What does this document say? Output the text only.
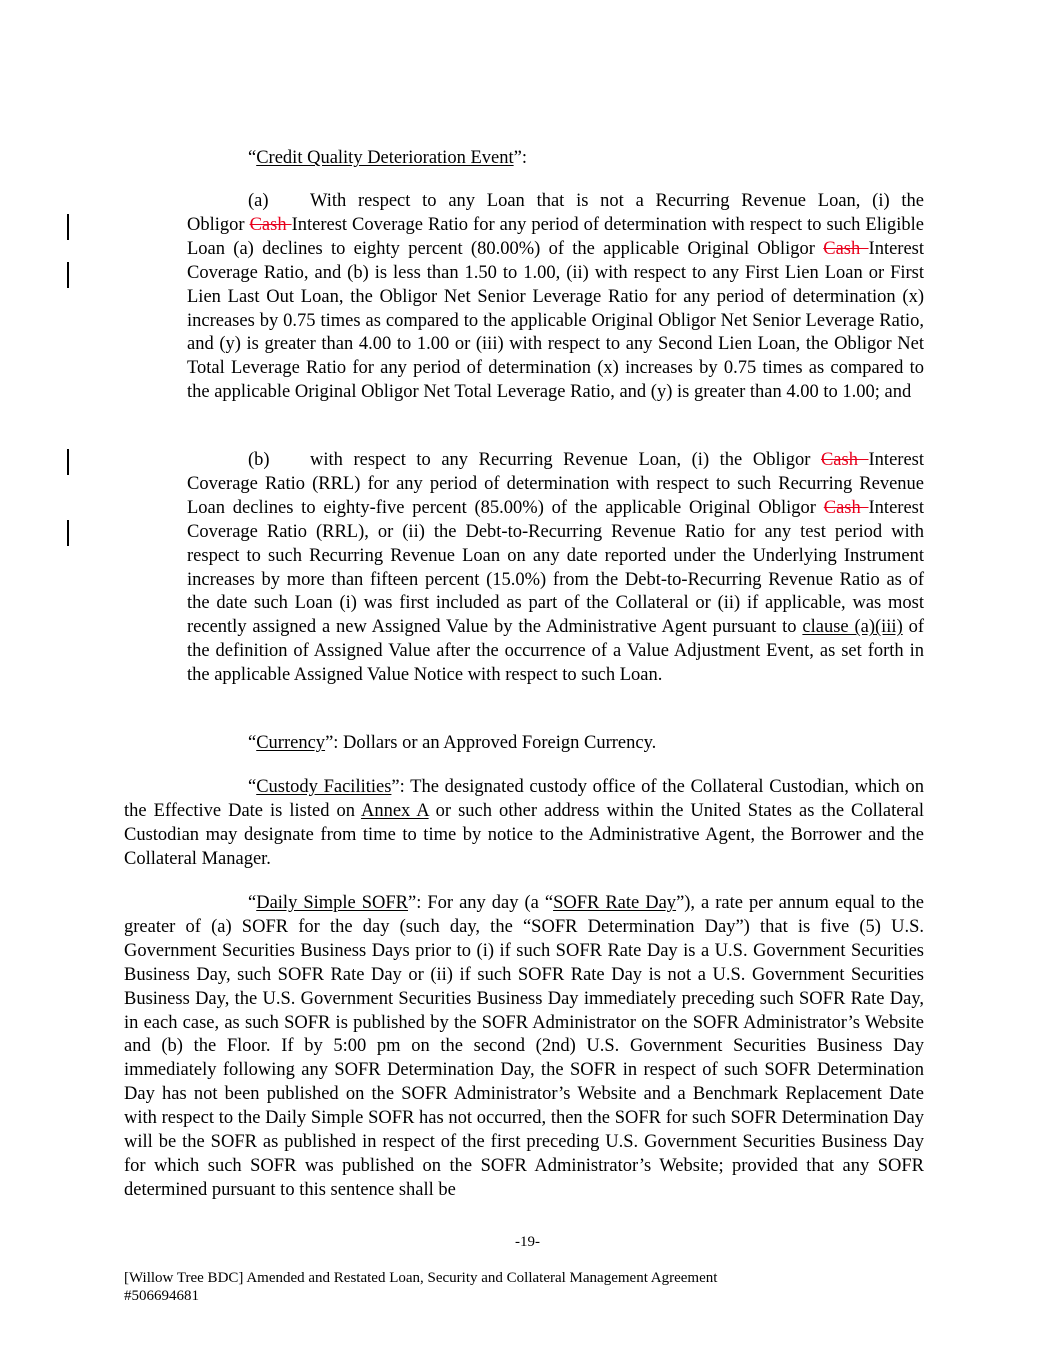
“Credit Quality Deterioration Event”:
(a) With respect to any Loan that is not a Recurring Revenue Loan, (i) theObligor Cash Interest Coverage Ratio for any period of determination with respect to such Eligible Loan (a) declines to eighty percent (80.00%) of the applicable Original Obligor Cash Interest Coverage Ratio, and (b) is less than 1.50 to 1.00, (ii) with respect to any First Lien Loan or First Lien Last Out Loan, the Obligor Net Senior Leverage Ratio for any period of determination (x) increases by 0.75 times as compared to the applicable Original Obligor Net Senior Leverage Ratio, and (y) is greater than 4.00 to 1.00 or (iii) with respect to any Second Lien Loan, the Obligor Net Total Leverage Ratio for any period of determination (x) increases by 0.75 times as compared to the applicable Original Obligor Net Total Leverage Ratio, and (y) is greater than 4.00 to 1.00; and
(b) with respect to any Recurring Revenue Loan, (i) the Obligor Cash Interest Coverage Ratio (RRL) for any period of determination with respect to such Recurring Revenue Loan declines to eighty-five percent (85.00%) of the applicable Original Obligor Cash Interest Coverage Ratio (RRL), or (ii) the Debt-to-Recurring Revenue Ratio for any test period with respect to such Recurring Revenue Loan on any date reported under the Underlying Instrument increases by more than fifteen percent (15.0%) from the Debt-to-Recurring Revenue Ratio as of the date such Loan (i) was first included as part of the Collateral or (ii) if applicable, was most recently assigned a new Assigned Value by the Administrative Agent pursuant to clause (a)(iii) of the definition of Assigned Value after the occurrence of a Value Adjustment Event, as set forth in the applicable Assigned Value Notice with respect to such Loan.
“Currency”: Dollars or an Approved Foreign Currency.
“Custody Facilities”: The designated custody office of the Collateral Custodian, which on the Effective Date is listed on Annex A or such other address within the United States as the Collateral Custodian may designate from time to time by notice to the Administrative Agent, the Borrower and the Collateral Manager.
“Daily Simple SOFR”: For any day (a “SOFR Rate Day”), a rate per annum equal to the greater of (a) SOFR for the day (such day, the “SOFR Determination Day”) that is five (5) U.S. Government Securities Business Days prior to (i) if such SOFR Rate Day is a U.S. Government Securities Business Day, such SOFR Rate Day or (ii) if such SOFR Rate Day is not a U.S. Government Securities Business Day, the U.S. Government Securities Business Day immediately preceding such SOFR Rate Day, in each case, as such SOFR is published by the SOFR Administrator on the SOFR Administrator’s Website and (b) the Floor. If by 5:00 pm on the second (2nd) U.S. Government Securities Business Day immediately following any SOFR Determination Day, the SOFR in respect of such SOFR Determination Day has not been published on the SOFR Administrator’s Website and a Benchmark Replacement Date with respect to the Daily Simple SOFR has not occurred, then the SOFR for such SOFR Determination Day will be the SOFR as published in respect of the first preceding U.S. Government Securities Business Day for which such SOFR was published on the SOFR Administrator’s Website; provided that any SOFR determined pursuant to this sentence shall be
-19-
[Willow Tree BDC] Amended and Restated Loan, Security and Collateral Management Agreement
#506694681
